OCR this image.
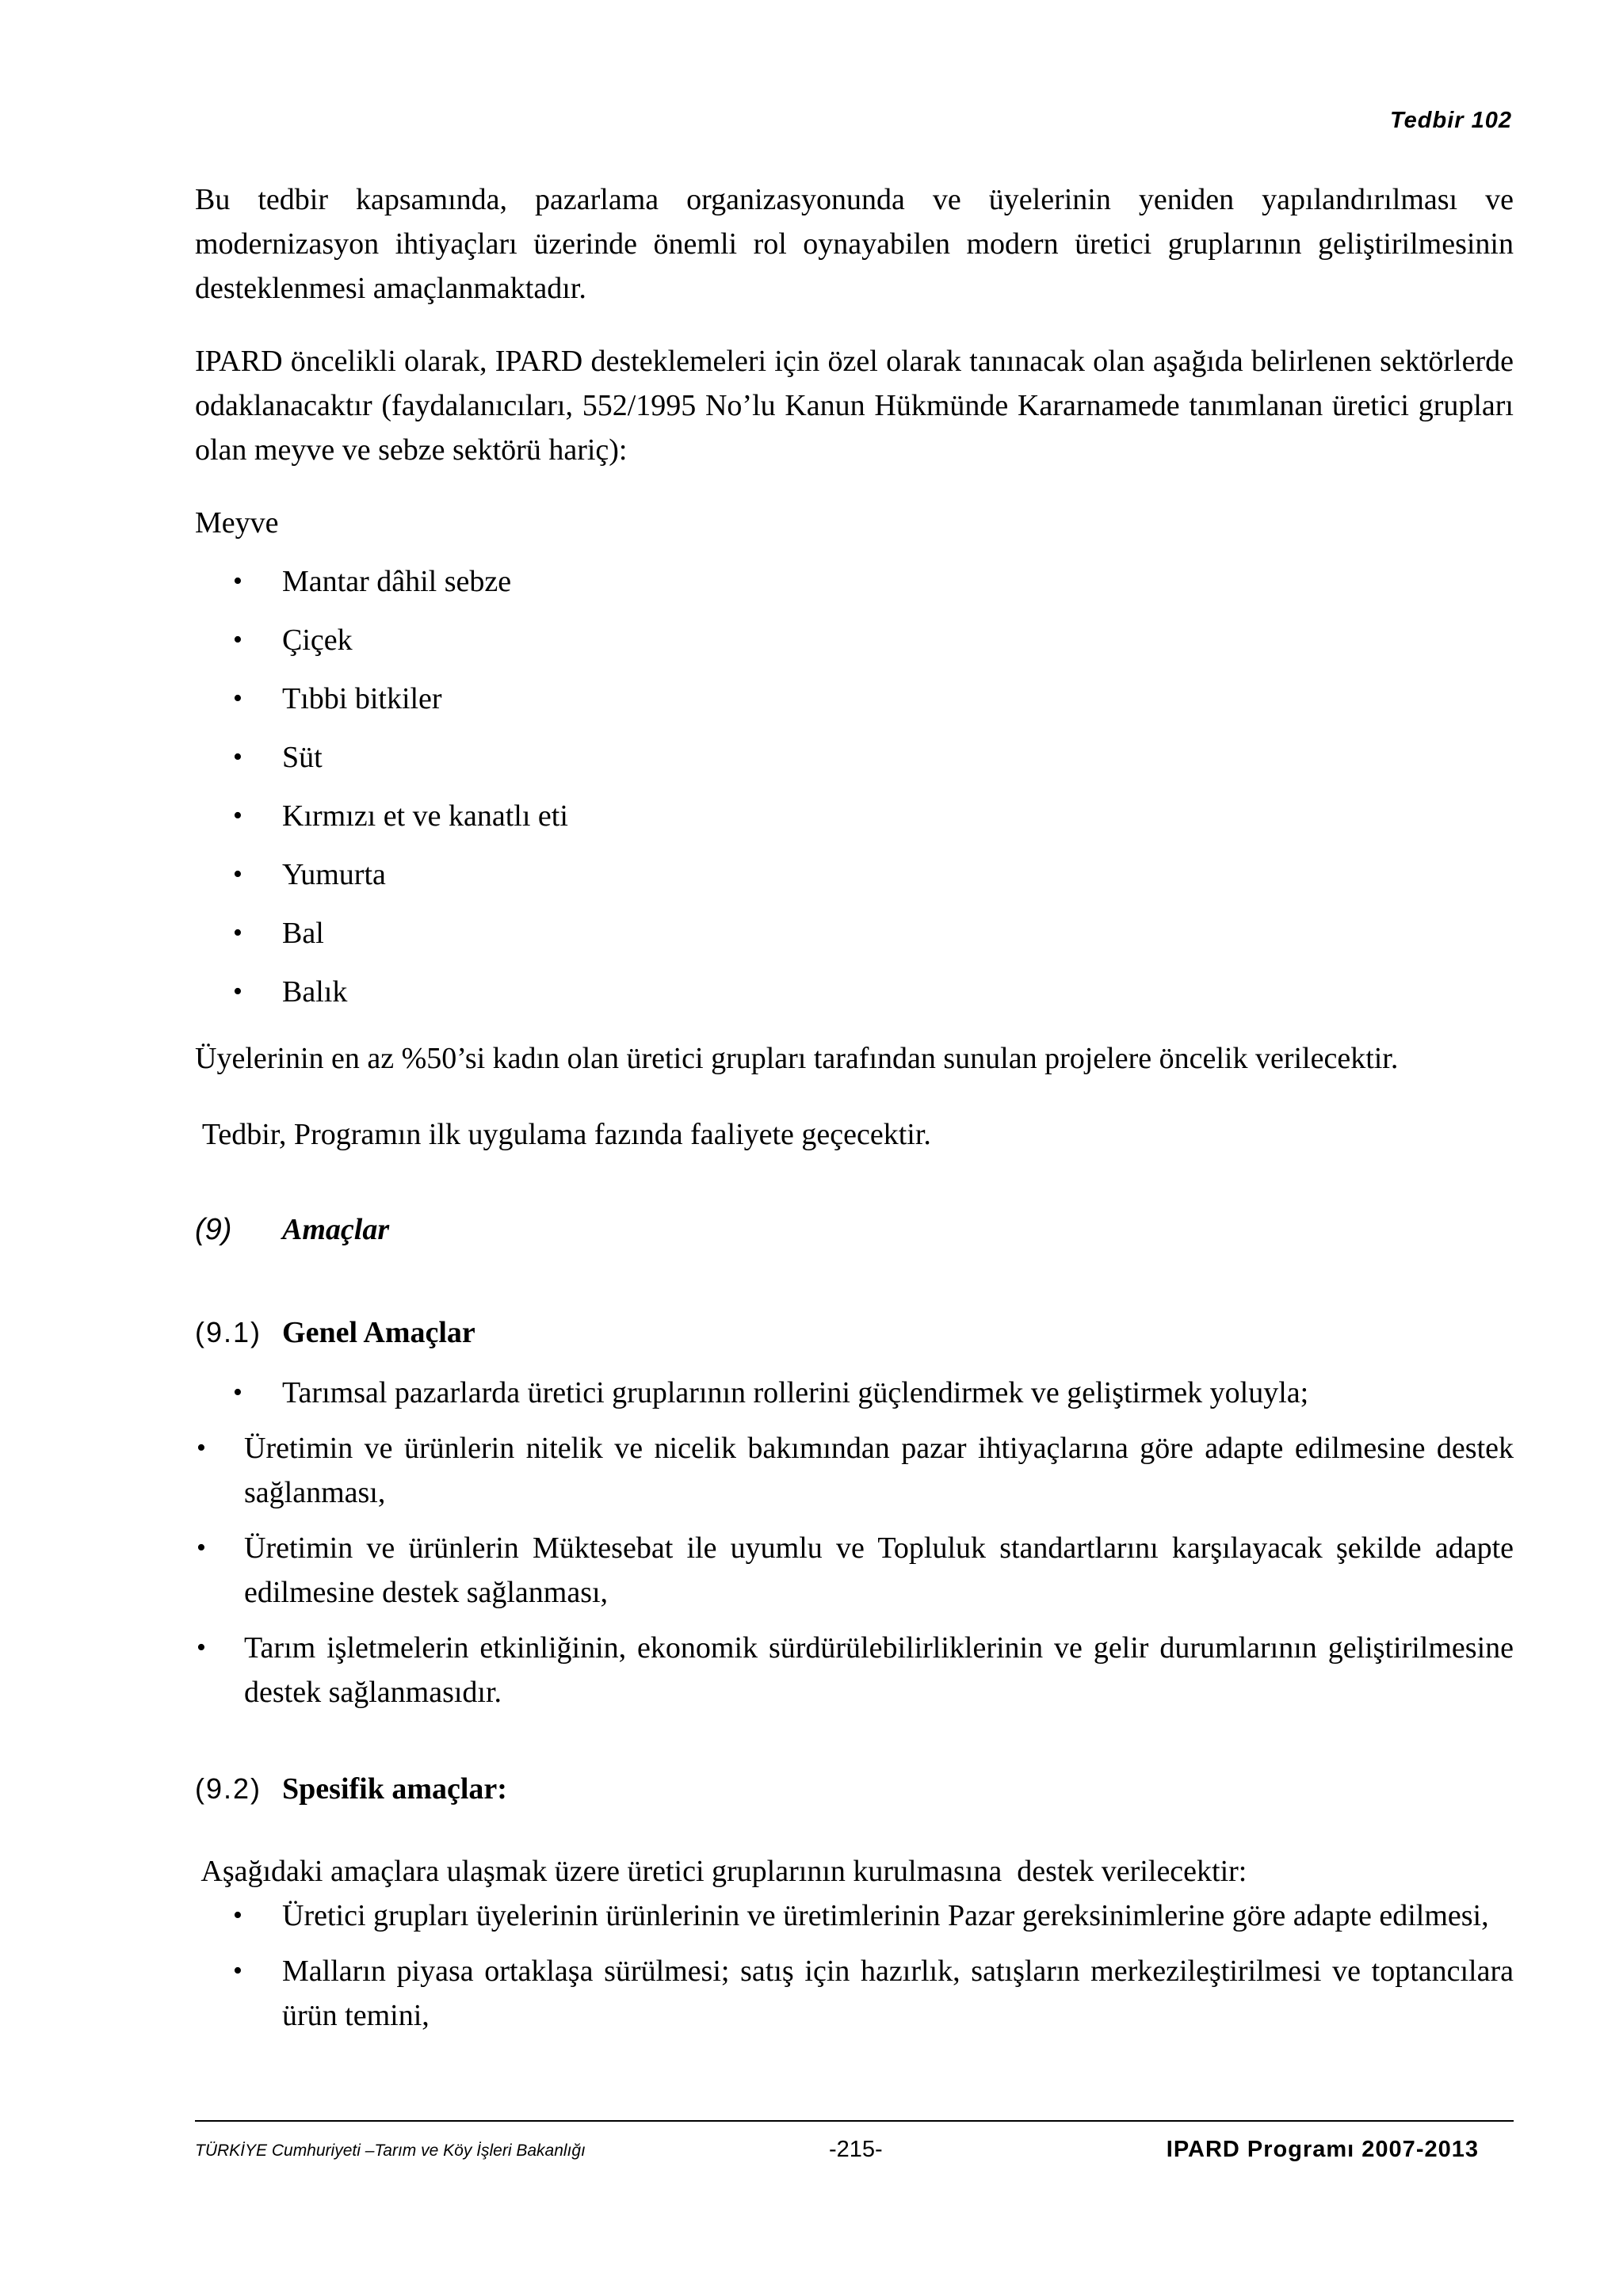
Tedbir 102

Bu tedbir kapsamında, pazarlama organizasyonunda ve üyelerinin yeniden yapılandırılması ve modernizasyon ihtiyaçları üzerinde önemli rol oynayabilen modern üretici gruplarının geliştirilmesinin desteklenmesi amaçlanmaktadır.

IPARD öncelikli olarak, IPARD desteklemeleri için özel olarak tanınacak olan aşağıda belirlenen sektörlerde odaklanacaktır (faydalanıcıları, 552/1995 No’lu Kanun Hükmünde Kararnamede tanımlanan üretici grupları olan meyve ve sebze sektörü hariç):

Meyve

• Mantar dâhil sebze
• Çiçek
• Tıbbi bitkiler
• Süt
• Kırmızı et ve kanatlı eti
• Yumurta
• Bal
• Balık

Üyelerinin en az %50’si kadın olan üretici grupları tarafından sunulan projelere öncelik verilecektir.

Tedbir, Programın ilk uygulama fazında faaliyete geçecektir.

(9)	Amaçlar
(9.1) Genel Amaçlar
• Tarımsal pazarlarda üretici gruplarının rollerini güçlendirmek ve geliştirmek yoluyla;
• Üretimin ve ürünlerin nitelik ve nicelik bakımından pazar ihtiyaçlarına göre adapte edilmesine destek sağlanması,
• Üretimin ve ürünlerin Müktesebat ile uyumlu ve Topluluk standartlarını karşılayacak şekilde adapte edilmesine destek sağlanması,
• Tarım işletmelerin etkinliğinin, ekonomik sürdürülebilirliklerinin ve gelir durumlarının geliştirilmesine destek sağlanmasıdır.
(9.2) Spesifik amaçlar:

Aşağıdaki amaçlara ulaşmak üzere üretici gruplarının kurulmasına  destek verilecektir:

• Üretici grupları üyelerinin ürünlerinin ve üretimlerinin Pazar gereksinimlerine göre adapte edilmesi,
• Malların piyasa ortaklaşa sürülmesi; satış için hazırlık, satışların merkezileştirilmesi ve toptancılara ürün temini,
TÜRKİYE Cumhuriyeti –Tarım ve Köy İşleri Bakanlığı	-215-	IPARD Programı 2007-2013
